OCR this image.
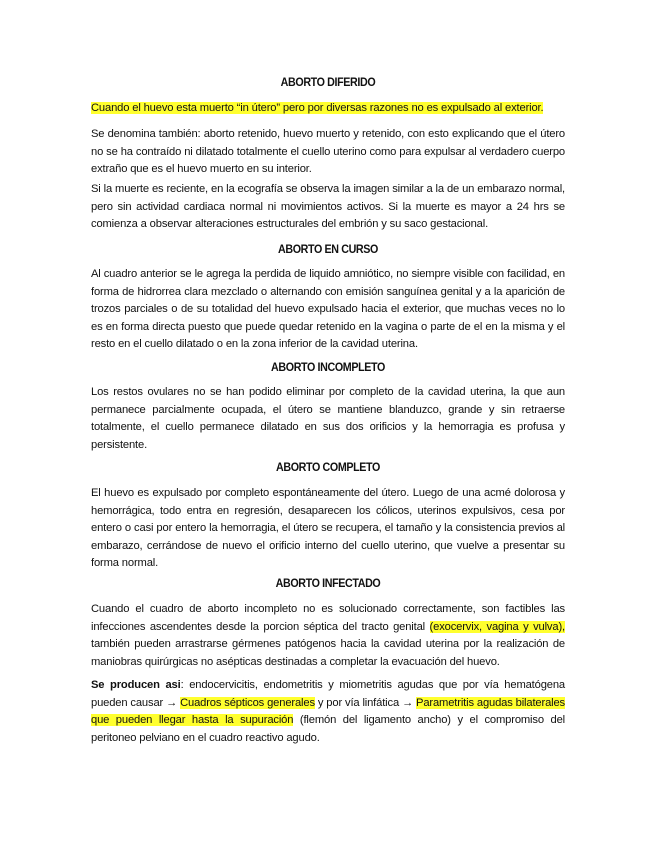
ABORTO DIFERIDO

Cuando el huevo esta muerto “in útero” pero por diversas razones no es expulsado al exterior.

Se denomina también: aborto retenido, huevo muerto y retenido, con esto explicando que el útero no se ha contraído ni dilatado totalmente el cuello uterino como para expulsar al verdadero cuerpo extraño que es el huevo muerto en su interior.

Si la muerte es reciente, en la ecografía se observa la imagen similar a la de un embarazo normal, pero sin actividad cardiaca normal ni movimientos activos. Si la muerte es mayor a 24 hrs se comienza a observar alteraciones estructurales del embrión y su saco gestacional.

ABORTO EN CURSO

Al cuadro anterior se le agrega la perdida de liquido amniótico, no siempre visible con facilidad, en forma de hidrorrea clara mezclado o alternando con emisión sanguínea genital y a la aparición de trozos parciales o de su totalidad del huevo expulsado hacia el exterior, que muchas veces no lo es en forma directa puesto que puede quedar retenido en la vagina o parte de el en la misma y el resto en el cuello dilatado o en la zona inferior de la cavidad uterina.

ABORTO INCOMPLETO

Los restos ovulares no se han podido eliminar por completo de la cavidad uterina, la que aun permanece parcialmente ocupada, el útero se mantiene blanduzco, grande y sin retraerse totalmente, el cuello permanece dilatado en sus dos orificios y la hemorragia es profusa y persistente.

ABORTO COMPLETO

El huevo es expulsado por completo espontáneamente del útero. Luego de una acmé dolorosa y hemorrágica, todo entra en regresión, desaparecen los cólicos, uterinos expulsivos, cesa por entero o casi por entero la hemorragia, el útero se recupera, el tamaño y la consistencia previos al embarazo, cerrándose de nuevo el orificio interno del cuello uterino, que vuelve a presentar su forma normal.

ABORTO INFECTADO

Cuando el cuadro de aborto incompleto no es solucionado correctamente, son factibles las infecciones ascendentes desde la porcion séptica del tracto genital (exocervix, vagina y vulva), también pueden arrastrarse gérmenes patógenos hacia la cavidad uterina por la realización de maniobras quirúrgicas no asépticas destinadas a completar la evacuación del huevo.

Se producen asi: endocervicitis, endometritis y miometritis agudas que por vía hematógena pueden causar → Cuadros sépticos generales y por vía linfática → Parametritis agudas bilaterales que pueden llegar hasta la supuración (flemón del ligamento ancho) y el compromiso del peritoneo pelviano en el cuadro reactivo agudo.
